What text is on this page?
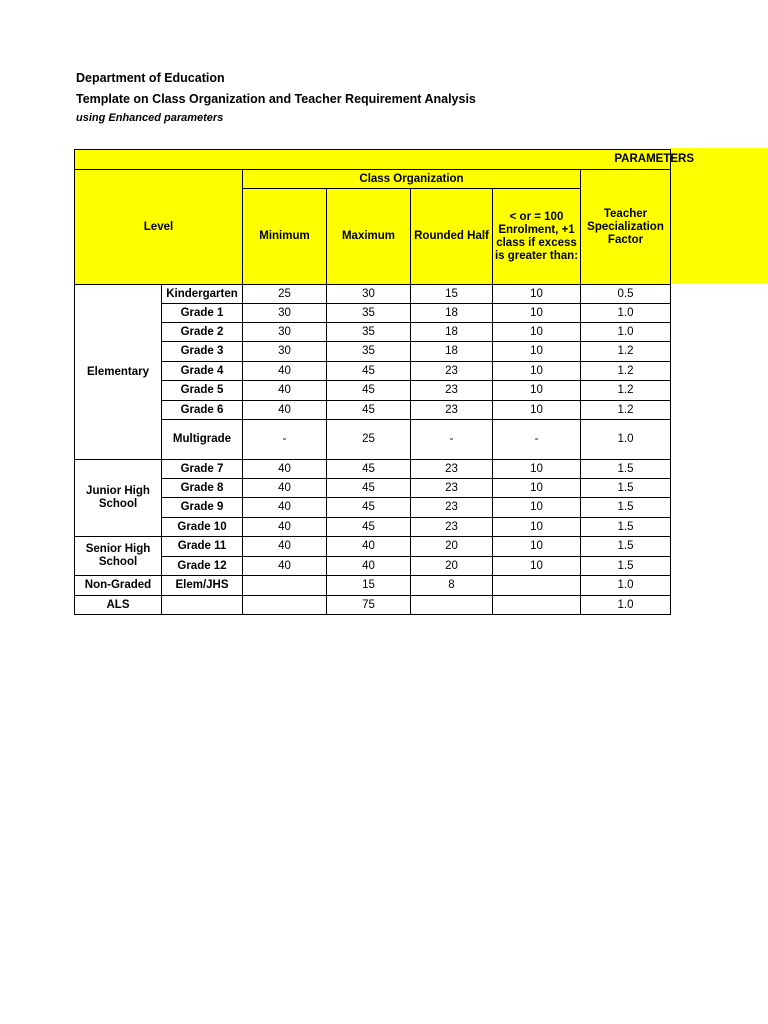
Department of Education
Template on Class Organization and Teacher Requirement Analysis
using Enhanced parameters
PARAMETERS						
Level		Class Organization				Teacher Specialization Factor
		Minimum	Maximum	Rounded Half	< or = 100 Enrolment, +1 class if excess is greater than:	
Elementary	Kindergarten	25	30	15	10	0.5
	Grade 1	30	35	18	10	1.0
	Grade 2	30	35	18	10	1.0
	Grade 3	30	35	18	10	1.2
	Grade 4	40	45	23	10	1.2
	Grade 5	40	45	23	10	1.2
	Grade 6	40	45	23	10	1.2
	Multigrade	-	25	-	-	1.0
Junior High School	Grade 7	40	45	23	10	1.5
	Grade 8	40	45	23	10	1.5
	Grade 9	40	45	23	10	1.5
	Grade 10	40	45	23	10	1.5
Senior High School	Grade 11	40	40	20	10	1.5
	Grade 12	40	40	20	10	1.5
Non-Graded	Elem/JHS		15	8		1.0
ALS			75			1.0
